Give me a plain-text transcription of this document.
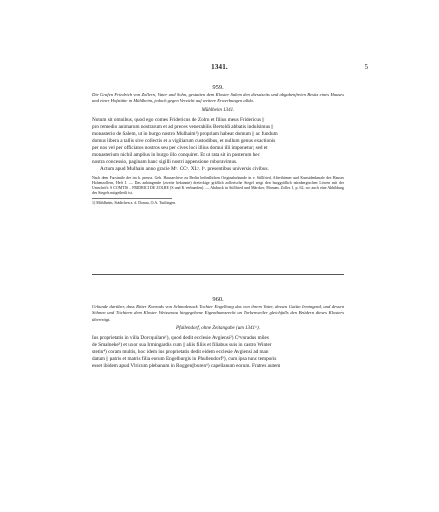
1341.	5

959.

Die Grafen Friedrich von Zollern, Vater und Sohn, gestatten dem Kloster Salem den diesstseits und abgabenfreien Besitz eines Hauses und einer Hofstätte in Mühlheim, jedoch gegen Verzicht auf weitere Erwerbungen allda.

Mühlheim 1341.

Notum sit omnibus, quod ego comes Fridericus de Zolrn et filius meus Fridericus ||
pro remedio animarum nostrarum et ad preces venerabilis Bertoldi abbatis indulsimus ||
monasterio de Salem, ut in burgo nostro Mulhaim¹) propriam habeat domum || ac fundum
domus libera a tallis sive collectis et a vigiliarum custodibus, et nullum genus exactionis
per nos vel per officiatos nostros seu per cives loci illius domui illi imponetur; sed et
monasterium nichil amplius in burgo illo conquiret. Et ut rata sit in posterum hec
nostra concessio, paginam hanc sigilli nostri appensione roboravimus.
Actum apud Mulhain anno gracie Mᵒ. CCᵒ. XLᵒ. Iᵒ. presentibus universis civibus.

Nach dem Facsimile der im k. preuss. Geh. Hausarchive zu Berlin befindlichen Originalurkunde in v. Stillfried, Alterthümer und Kunstdenkmale des Hauses Hohenzollern, Heft I. — Das anhängende (zweite bekannte) dreieckige gräflich zollerische Siegel zeigt den burggräflich nürnbergischen Löwen mit der Umschrift: S COMTIS .. FRIDRICI DE ZOLRE (S und K verbunden). — Abdruck in Stillfried und Märcker, Monum. Zoller. I, p. 62, wo auch eine Abbildung des Siegels mitgetheilt ist.

1) Mühlheim, Städtchen a. d. Donau, O.A. Tuttlingen.

960.

Urkunde darüber, dass Ritter Konrads von Schmalenack Tochter Engelburg das von ihrem Vater, dessen Gattin Irmingard, und dessen Söhnen und Töchtern dem Kloster Weissenau hingegebene Eigenthumsrecht an Torkenweiler gleichfalls den Brüdern dieses Klosters überträgt.

Pfullendorf, ohne Zeitangabe (um 1341ᵃ).

Ius proprietatis in villa Dorcquilare¹), quod dedit ecclesie Avgiensi²) Cʰvnradus miles
de Smalneke³) et uxor sua Irmingardis cum || aliis filiis et filiabus suis in castro Winter
stetin⁴) coram multis, hoc idem ius proprietatis dedit eidem ecclesie Avgiensi ad man
datum || patris et matris filia eorum Engelburgis in Phullendorf⁵), cum ipsa tunc temporis
esset ibidem apud Vlricum plebanum in Roggen||buren⁶) capellanum eorum. Fratres autem
